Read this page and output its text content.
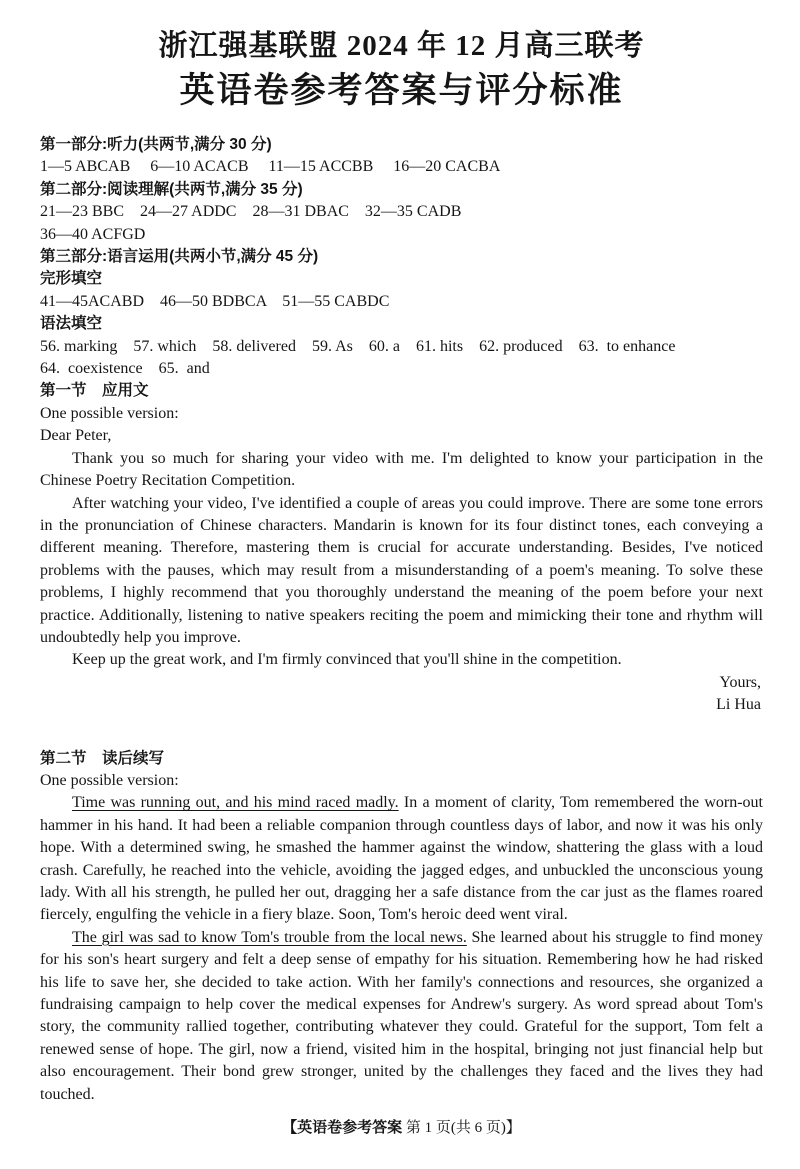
浙江强基联盟 2024 年 12 月高三联考
英语卷参考答案与评分标准

第一部分:听力(共两节,满分 30 分)

1—5 ABCAB     6—10 ACACB     11—15 ACCBB     16—20 CACBA

第二部分:阅读理解(共两节,满分 35 分)

21—23 BBC    24—27 ADDC    28—31 DBAC    32—35 CADB

36—40 ACFGD

第三部分:语言运用(共两小节,满分 45 分)

完形填空

41—45ACABD    46—50 BDBCA    51—55 CABDC

语法填空

56. marking    57. which    58. delivered    59. As    60. a    61. hits    62. produced    63.  to enhance

64.  coexistence    65.  and

第一节　应用文

One possible version:

Dear Peter,

Thank you so much for sharing your video with me. I'm delighted to know your participation in the Chinese Poetry Recitation Competition.

After watching your video, I've identified a couple of areas you could improve. There are some tone errors in the pronunciation of Chinese characters. Mandarin is known for its four distinct tones, each conveying a different meaning. Therefore, mastering them is crucial for accurate understanding. Besides, I've noticed problems with the pauses, which may result from a misunderstanding of a poem's meaning. To solve these problems, I highly recommend that you thoroughly understand the meaning of the poem before your next practice. Additionally, listening to native speakers reciting the poem and mimicking their tone and rhythm will undoubtedly help you improve.

Keep up the great work, and I'm firmly convinced that you'll shine in the competition.

Yours,

Li Hua

第二节　读后续写

One possible version:

Time was running out, and his mind raced madly. In a moment of clarity, Tom remembered the worn-out hammer in his hand. It had been a reliable companion through countless days of labor, and now it was his only hope. With a determined swing, he smashed the hammer against the window, shattering the glass with a loud crash. Carefully, he reached into the vehicle, avoiding the jagged edges, and unbuckled the unconscious young lady. With all his strength, he pulled her out, dragging her a safe distance from the car just as the flames roared fiercely, engulfing the vehicle in a fiery blaze. Soon, Tom's heroic deed went viral.

The girl was sad to know Tom's trouble from the local news. She learned about his struggle to find money for his son's heart surgery and felt a deep sense of empathy for his situation. Remembering how he had risked his life to save her, she decided to take action. With her family's connections and resources, she organized a fundraising campaign to help cover the medical expenses for Andrew's surgery. As word spread about Tom's story, the community rallied together, contributing whatever they could. Grateful for the support, Tom felt a renewed sense of hope. The girl, now a friend, visited him in the hospital, bringing not just financial help but also encouragement. Their bond grew stronger, united by the challenges they faced and the lives they had touched.

【英语卷参考答案 第 1 页(共 6 页)】
